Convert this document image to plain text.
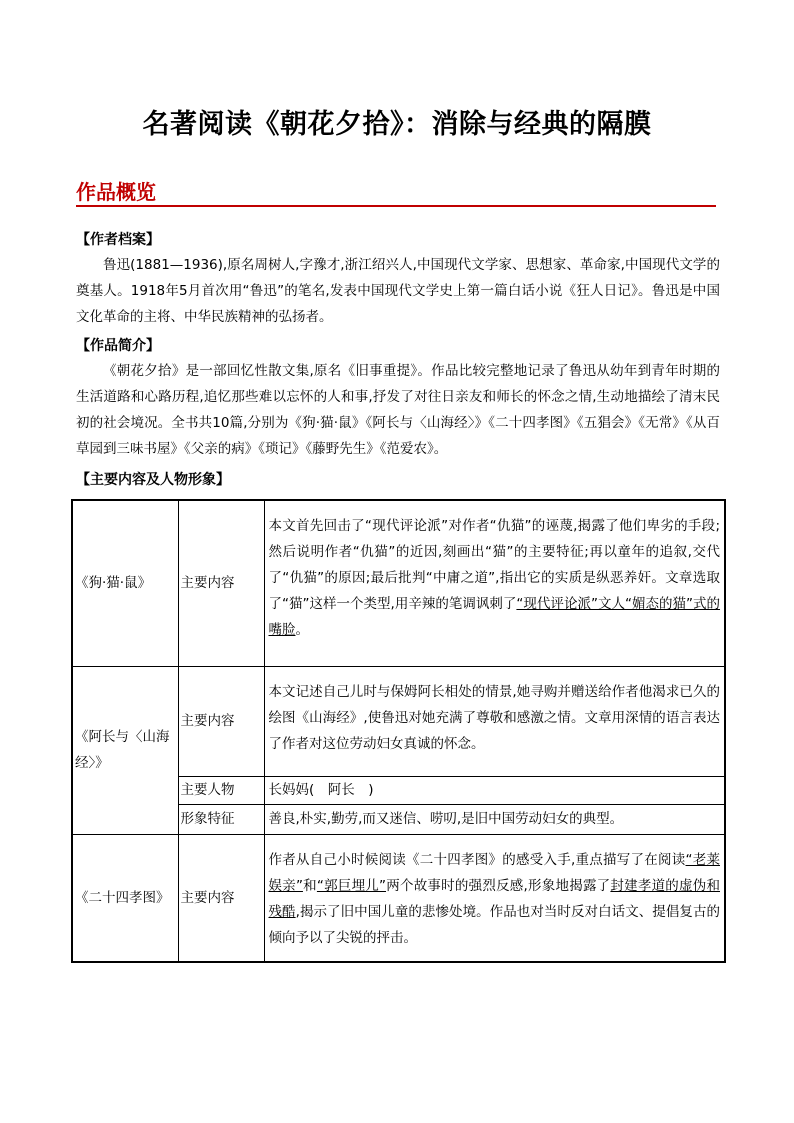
名著阅读《朝花夕拾》：消除与经典的隔膜
作品概览
【作者档案】
鲁迅(1881—1936),原名周树人,字豫才,浙江绍兴人,中国现代文学家、思想家、革命家,中国现代文学的奠基人。1918年5月首次用“鲁迅”的笔名,发表中国现代文学史上第一篇白话小说《狂人日记》。鲁迅是中国文化革命的主将、中华民族精神的弘扬者。
【作品简介】
《朝花夕拾》是一部回忆性散文集,原名《旧事重提》。作品比较完整地记录了鲁迅从幼年到青年时期的生活道路和心路历程,追忆那些难以忘怀的人和事,抒发了对往日亲友和师长的怀念之情,生动地描绘了清末民初的社会境况。全书共10篇,分别为《狗·猫·鼠》《阿长与〈山海经〉》《二十四孝图》《五猖会》《无常》《从百草园到三味书屋》《父亲的病》《琐记》《藤野先生》《范爱农》。
【主要内容及人物形象】
《狗·猫·鼠》	主要内容	本文首先回击了“现代评论派”对作者“仇猫”的诬蔑,揭露了他们卑劣的手段;然后说明作者“仇猫”的近因,刻画出“猫”的主要特征;再以童年的追叙,交代了“仇猫”的原因;最后批判“中庸之道”,指出它的实质是纵恶养奸。文章选取了“猫”这样一个类型,用辛辣的笔调讽刺了“现代评论派”文人“媚态的猫”式的嘴脸。
《阿长与〈山海经〉》	主要内容	本文记述自己儿时与保姆阿长相处的情景,她寻购并赠送给作者他渴求已久的绘图《山海经》,使鲁迅对她充满了尊敬和感激之情。文章用深情的语言表达了作者对这位劳动妇女真诚的怀念。
	主要人物	长妈妈(　阿长　)
	形象特征	善良,朴实,勤劳,而又迷信、唠叨,是旧中国劳动妇女的典型。
《二十四孝图》	主要内容	作者从自己小时候阅读《二十四孝图》的感受入手,重点描写了在阅读“老莱娱亲”和“郭巨埋儿”两个故事时的强烈反感,形象地揭露了封建孝道的虚伪和残酷,揭示了旧中国儿童的悲惨处境。作品也对当时反对白话文、提倡复古的倾向予以了尖锐的抨击。
